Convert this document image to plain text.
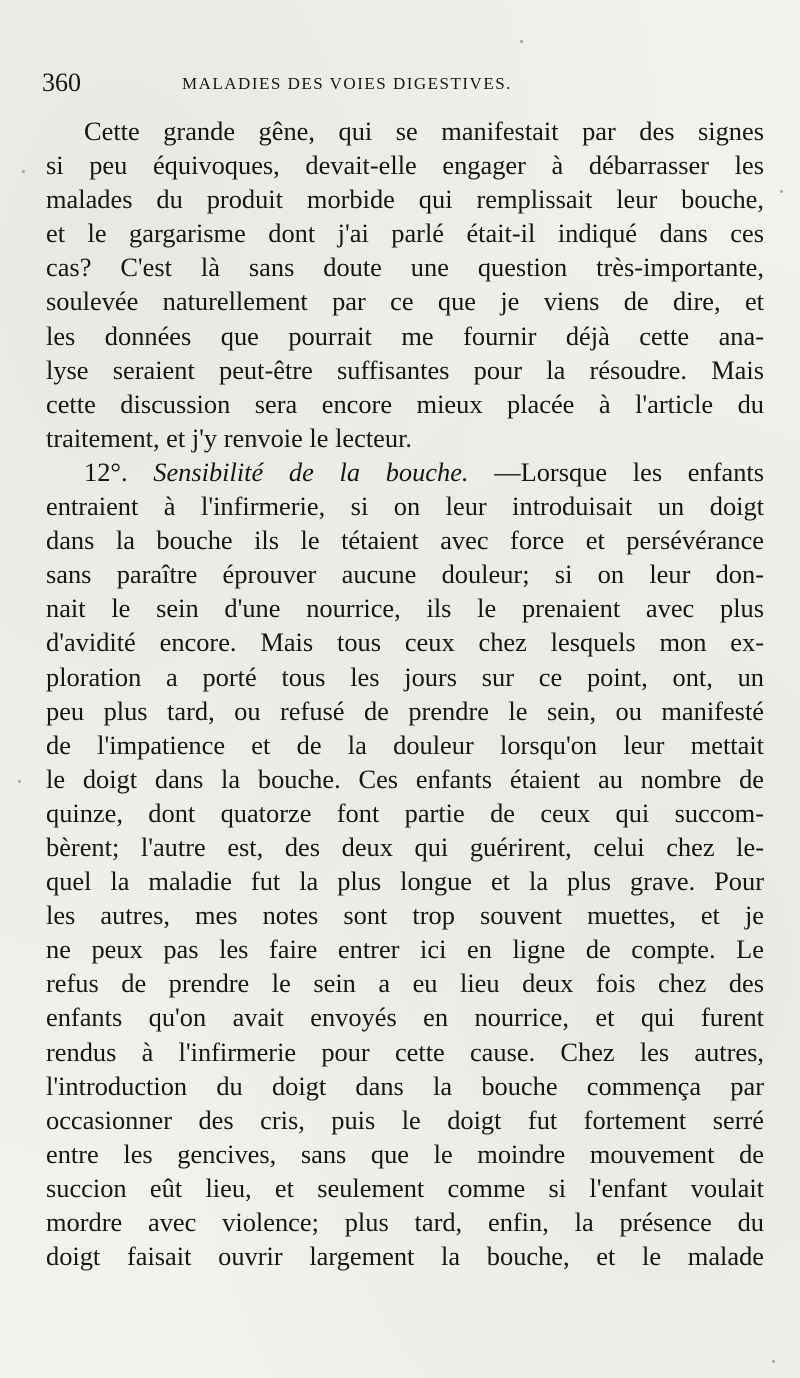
360	MALADIES DES VOIES DIGESTIVES.
Cette grande gêne, qui se manifestait par des signes
si peu équivoques, devait-elle engager à débarrasser les
malades du produit morbide qui remplissait leur bouche,
et le gargarisme dont j'ai parlé était-il indiqué dans ces
cas? C'est là sans doute une question très-importante,
soulevée naturellement par ce que je viens de dire, et
les données que pourrait me fournir déjà cette ana-
lyse seraient peut-être suffisantes pour la résoudre. Mais
cette discussion sera encore mieux placée à l'article du
traitement, et j'y renvoie le lecteur.
12°. Sensibilité de la bouche. —Lorsque les enfants
entraient à l'infirmerie, si on leur introduisait un doigt
dans la bouche ils le tétaient avec force et persévérance
sans paraître éprouver aucune douleur; si on leur don-
nait le sein d'une nourrice, ils le prenaient avec plus
d'avidité encore. Mais tous ceux chez lesquels mon ex-
ploration a porté tous les jours sur ce point, ont, un
peu plus tard, ou refusé de prendre le sein, ou manifesté
de l'impatience et de la douleur lorsqu'on leur mettait
le doigt dans la bouche. Ces enfants étaient au nombre de
quinze, dont quatorze font partie de ceux qui succom-
bèrent; l'autre est, des deux qui guérirent, celui chez le-
quel la maladie fut la plus longue et la plus grave. Pour
les autres, mes notes sont trop souvent muettes, et je
ne peux pas les faire entrer ici en ligne de compte. Le
refus de prendre le sein a eu lieu deux fois chez des
enfants qu'on avait envoyés en nourrice, et qui furent
rendus à l'infirmerie pour cette cause. Chez les autres,
l'introduction du doigt dans la bouche commença par
occasionner des cris, puis le doigt fut fortement serré
entre les gencives, sans que le moindre mouvement de
succion eût lieu, et seulement comme si l'enfant voulait
mordre avec violence; plus tard, enfin, la présence du
doigt faisait ouvrir largement la bouche, et le malade
